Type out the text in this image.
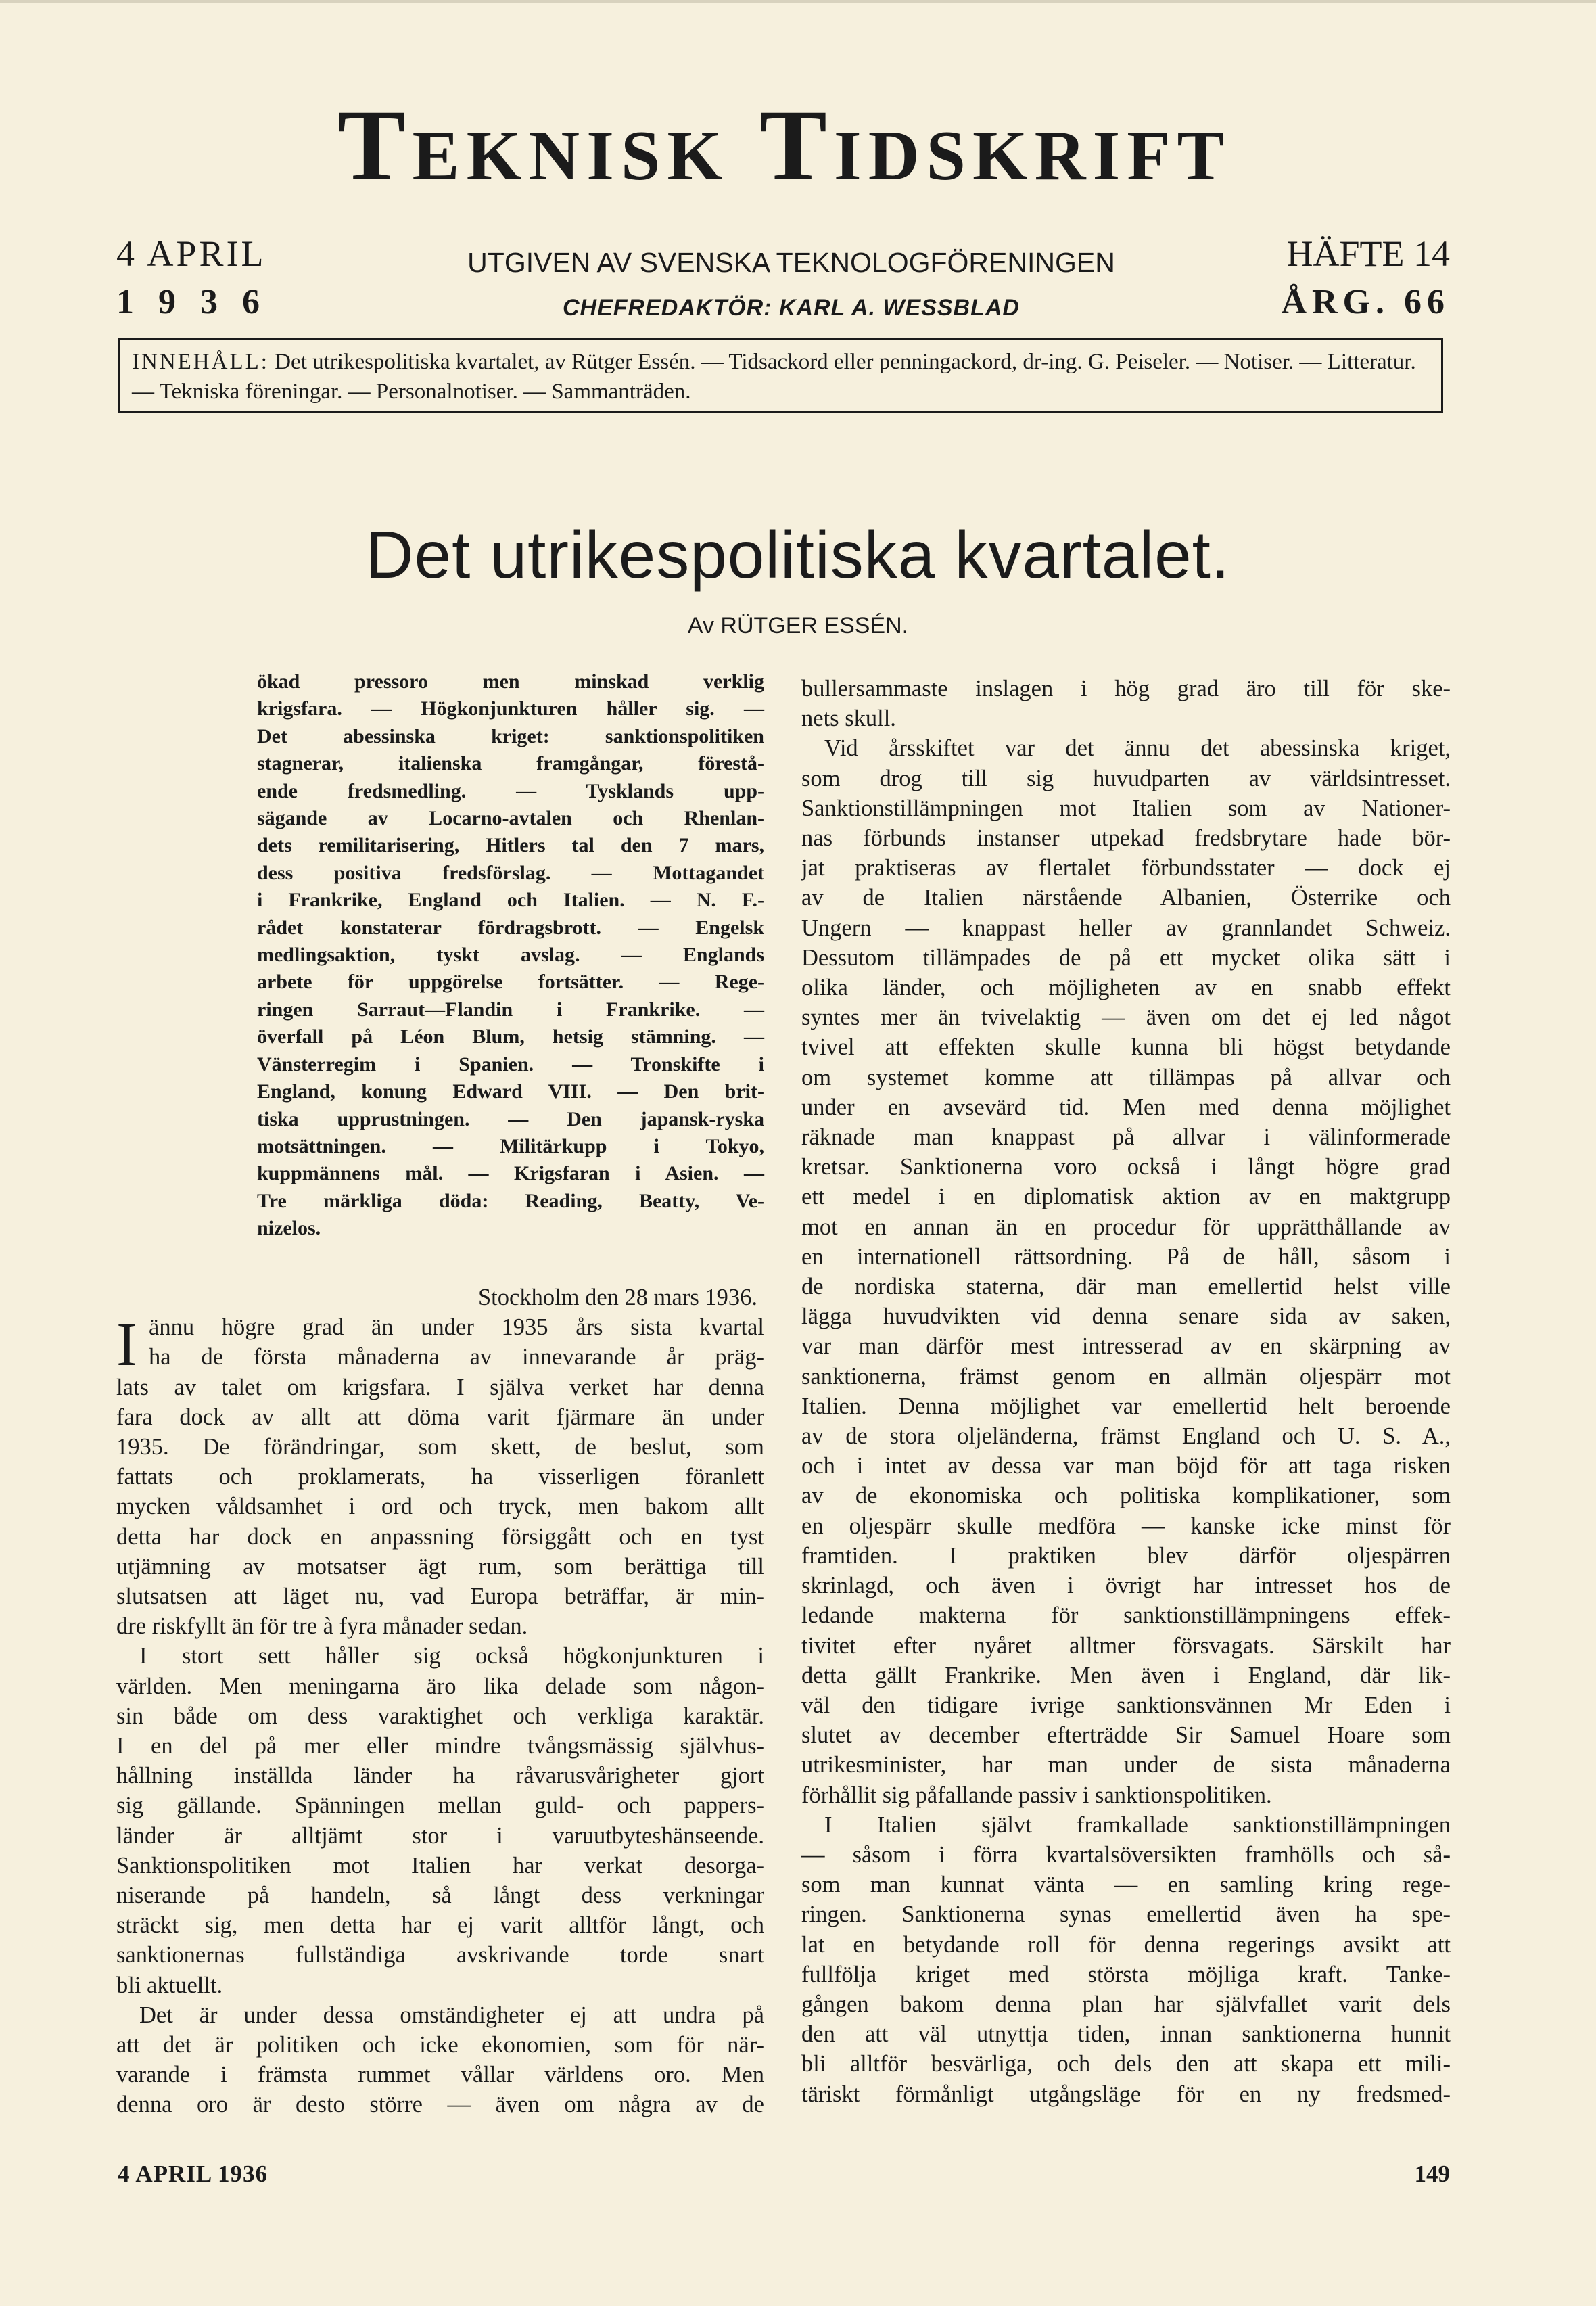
Teknisk Tidskrift
4 APRIL
1936
UTGIVEN AV SVENSKA TEKNOLOGFÖRENINGEN
CHEFREDAKTÖR: KARL A. WESSBLAD
HÄFTE 14
ÅRG. 66
INNEHÅLL: Det utrikespolitiska kvartalet, av Rütger Essén. — Tidsackord eller penningackord, dr-ing. G. Peiseler. — Notiser. — Litteratur. — Tekniska föreningar. — Personalnotiser. — Sammanträden.
Det utrikespolitiska kvartalet.
Av RÜTGER ESSÉN.
ökad pressoro men minskad verklig
krigsfara. — Högkonjunkturen håller sig. —
Det abessinska kriget: sanktionspolitiken
stagnerar, italienska framgångar, förestå-
ende fredsmedling. — Tysklands upp-
sägande av Locarno-avtalen och Rhenlan-
dets remilitarisering, Hitlers tal den 7 mars,
dess positiva fredsförslag. — Mottagandet
i Frankrike, England och Italien. — N. F.-
rådet konstaterar fördragsbrott. — Engelsk
medlingsaktion, tyskt avslag. — Englands
arbete för uppgörelse fortsätter. — Rege-
ringen Sarraut—Flandin i Frankrike. —
överfall på Léon Blum, hetsig stämning. —
Vänsterregim i Spanien. — Tronskifte i
England, konung Edward VIII. — Den brit-
tiska upprustningen. — Den japansk-ryska
motsättningen. — Militärkupp i Tokyo,
kuppmännens mål. — Krigsfaran i Asien. —
Tre märkliga döda: Reading, Beatty, Ve-
nizelos.
Stockholm den 28 mars 1936.
I ännu högre grad än under 1935 års sista kvartal
ha de första månaderna av innevarande år präg-
lats av talet om krigsfara. I själva verket har denna
fara dock av allt att döma varit fjärmare än under
1935. De förändringar, som skett, de beslut, som
fattats och proklamerats, ha visserligen föranlett
mycken våldsamhet i ord och tryck, men bakom allt
detta har dock en anpassning försiggått och en tyst
utjämning av motsatser ägt rum, som berättiga till
slutsatsen att läget nu, vad Europa beträffar, är min-
dre riskfyllt än för tre à fyra månader sedan.
I stort sett håller sig också högkonjunkturen i
världen. Men meningarna äro lika delade som någon-
sin både om dess varaktighet och verkliga karaktär.
I en del på mer eller mindre tvångsmässig självhus-
hållning inställda länder ha råvarusvårigheter gjort
sig gällande. Spänningen mellan guld- och pappers-
länder är alltjämt stor i varuutbyteshänseende.
Sanktionspolitiken mot Italien har verkat desorga-
niserande på handeln, så långt dess verkningar
sträckt sig, men detta har ej varit alltför långt, och
sanktionernas fullständiga avskrivande torde snart
bli aktuellt.
Det är under dessa omständigheter ej att undra på
att det är politiken och icke ekonomien, som för när-
varande i främsta rummet vållar världens oro. Men
denna oro är desto större — även om några av de
bullersammaste inslagen i hög grad äro till för ske-
nets skull.
Vid årsskiftet var det ännu det abessinska kriget,
som drog till sig huvudparten av världsintresset.
Sanktionstillämpningen mot Italien som av Nationer-
nas förbunds instanser utpekad fredsbrytare hade bör-
jat praktiseras av flertalet förbundsstater — dock ej
av de Italien närstående Albanien, Österrike och
Ungern — knappast heller av grannlandet Schweiz.
Dessutom tillämpades de på ett mycket olika sätt i
olika länder, och möjligheten av en snabb effekt
syntes mer än tvivelaktig — även om det ej led något
tvivel att effekten skulle kunna bli högst betydande
om systemet komme att tillämpas på allvar och
under en avsevärd tid. Men med denna möjlighet
räknade man knappast på allvar i välinformerade
kretsar. Sanktionerna voro också i långt högre grad
ett medel i en diplomatisk aktion av en maktgrupp
mot en annan än en procedur för upprätthållande av
en internationell rättsordning. På de håll, såsom i
de nordiska staterna, där man emellertid helst ville
lägga huvudvikten vid denna senare sida av saken,
var man därför mest intresserad av en skärpning av
sanktionerna, främst genom en allmän oljespärr mot
Italien. Denna möjlighet var emellertid helt beroende
av de stora oljeländerna, främst England och U. S. A.,
och i intet av dessa var man böjd för att taga risken
av de ekonomiska och politiska komplikationer, som
en oljespärr skulle medföra — kanske icke minst för
framtiden. I praktiken blev därför oljespärren
skrinlagd, och även i övrigt har intresset hos de
ledande makterna för sanktionstillämpningens effek-
tivitet efter nyåret alltmer försvagats. Särskilt har
detta gällt Frankrike. Men även i England, där lik-
väl den tidigare ivrige sanktionsvännen Mr Eden i
slutet av december efterträdde Sir Samuel Hoare som
utrikesminister, har man under de sista månaderna
förhållit sig påfallande passiv i sanktionspolitiken.
I Italien självt framkallade sanktionstillämpningen
— såsom i förra kvartalsöversikten framhölls och så-
som man kunnat vänta — en samling kring rege-
ringen. Sanktionerna synas emellertid även ha spe-
lat en betydande roll för denna regerings avsikt att
fullfölja kriget med största möjliga kraft. Tanke-
gången bakom denna plan har självfallet varit dels
den att väl utnyttja tiden, innan sanktionerna hunnit
bli alltför besvärliga, och dels den att skapa ett mili-
täriskt förmånligt utgångsläge för en ny fredsmed-
4 APRIL 1936	149
